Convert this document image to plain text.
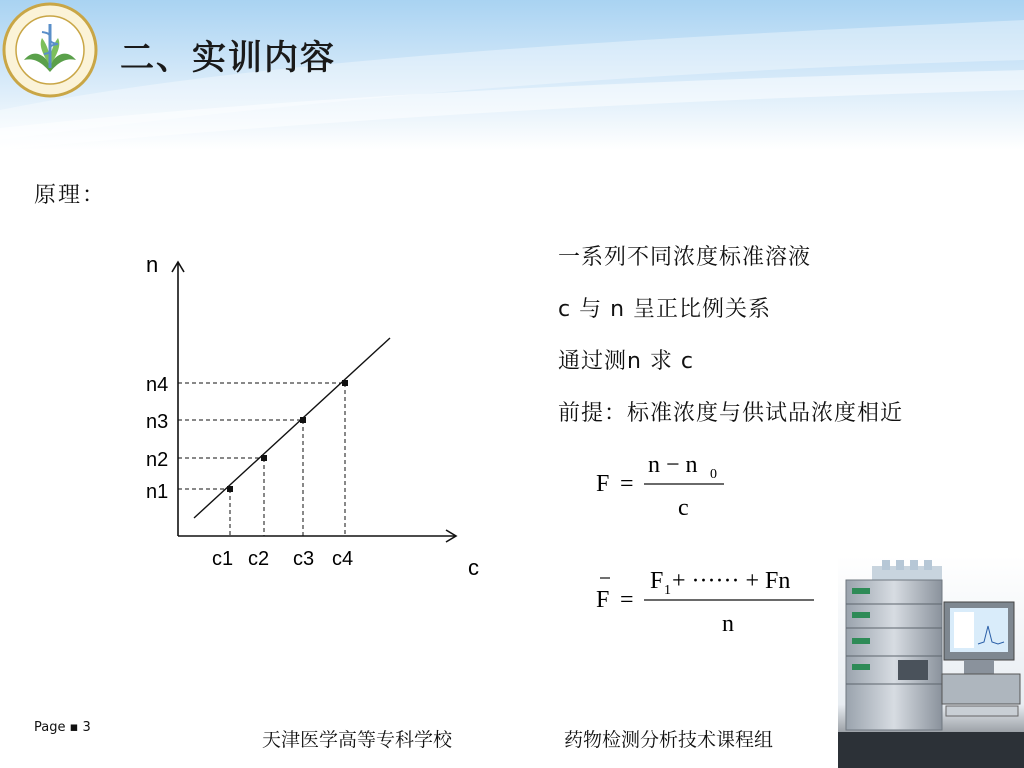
二、实训内容
原理：
n
c
n1
c1
n2
c2
n3
c3
n4
c4
一系列不同浓度标准溶液
c 与 n 呈正比例关系
通过测n 求 c
前提：标准浓度与供试品浓度相近
F =
n − n 0
c
F =
F 1 + ······ + Fn
n
Page ▪ 3
天津医学高等专科学校	药物检测分析技术课程组
